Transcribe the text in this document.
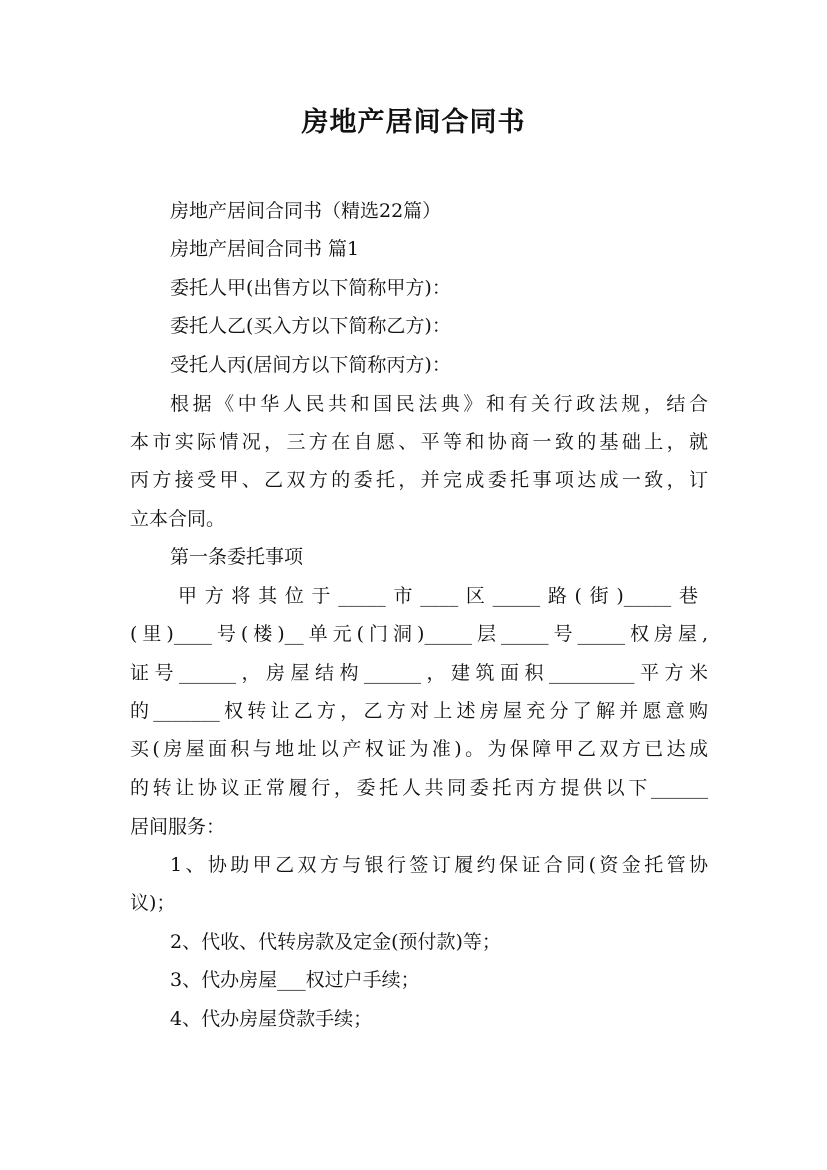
房地产居间合同书
房地产居间合同书（精选22篇）
房地产居间合同书 篇1
委托人甲(出售方以下简称甲方)：
委托人乙(买入方以下简称乙方)：
受托人丙(居间方以下简称丙方)：
根据《中华人民共和国民法典》和有关行政法规，结合
本市实际情况，三方在自愿、平等和协商一致的基础上，就
丙方接受甲、乙双方的委托，并完成委托事项达成一致，订
立本合同。
第一条委托事项
甲方将其位于_____市____区_____路(街)_____巷
(里)____号(楼)__单元(门洞)_____层_____号_____权房屋,
证号______，房屋结构______，建筑面积_________平方米
的_______权转让乙方，乙方对上述房屋充分了解并愿意购
买(房屋面积与地址以产权证为准)。为保障甲乙双方已达成
的转让协议正常履行，委托人共同委托丙方提供以下______
居间服务：
1、协助甲乙双方与银行签订履约保证合同(资金托管协
议)；
2、代收、代转房款及定金(预付款)等；
3、代办房屋___权过户手续；
4、代办房屋贷款手续；
